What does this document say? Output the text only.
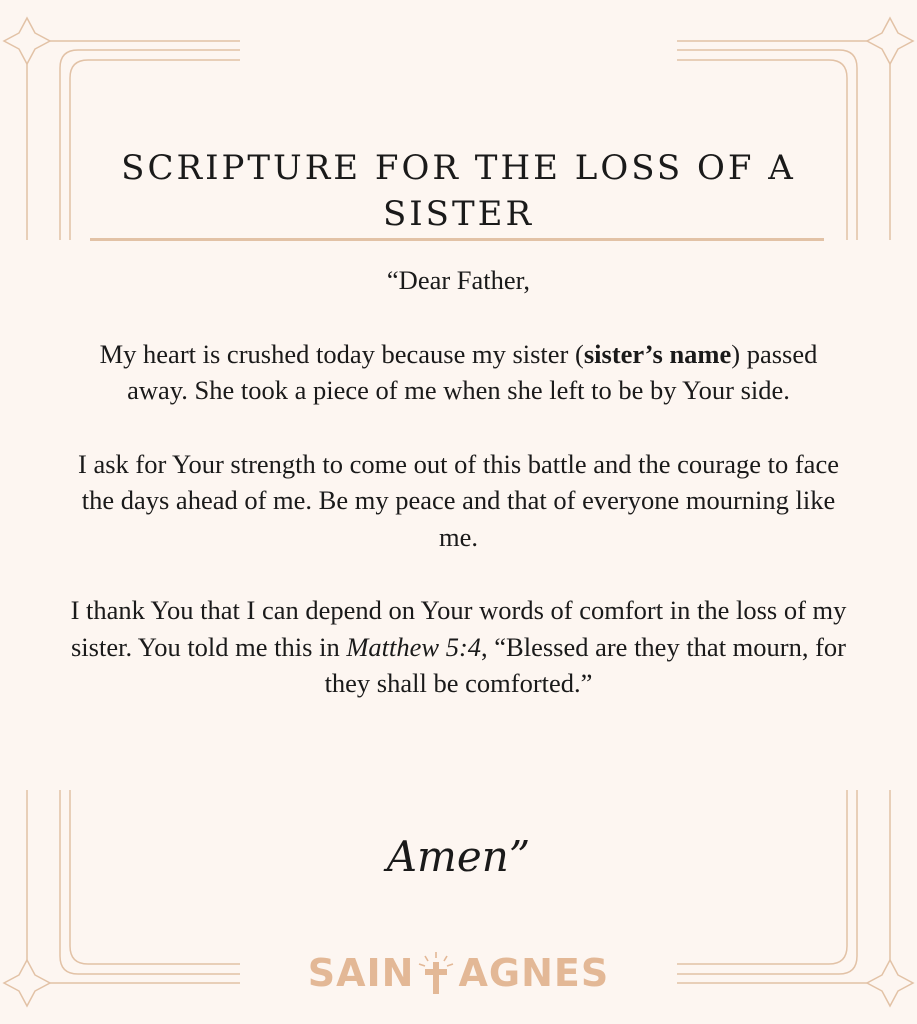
SCRIPTURE FOR THE LOSS OF A
SISTER

“Dear Father,

My heart is crushed today because my sister (sister’s name) passed away. She took a piece of me when she left to be by Your side.

I ask for Your strength to come out of this battle and the courage to face the days ahead of me. Be my peace and that of everyone mourning like me.

I thank You that I can depend on Your words of comfort in the loss of my sister. You told me this in Matthew 5:4, “Blessed are they that mourn, for they shall be comforted.”

Amen”
SAIN AGNES
